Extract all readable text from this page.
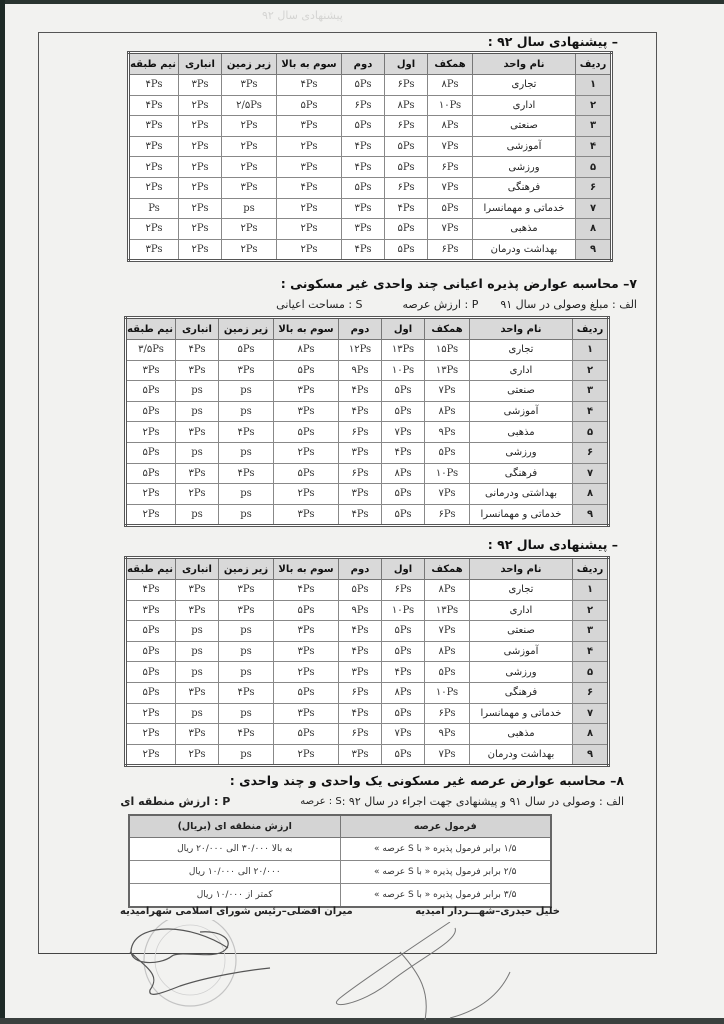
پیشنهادی سال ۹۲
– پیشنهادی سال ۹۲ :
ردیف	نام واحد	همکف	اول	دوم	سوم به بالا	زیر زمین	انباری	نیم طبقه
۱	تجاری	۸Ps	۶Ps	۵Ps	۴Ps	۳Ps	۳Ps	۴Ps
۲	اداری	۱۰Ps	۸Ps	۶Ps	۵Ps	۲/۵Ps	۲Ps	۴Ps
۳	صنعتی	۸Ps	۶Ps	۵Ps	۳Ps	۲Ps	۲Ps	۳Ps
۴	آموزشی	۷Ps	۵Ps	۴Ps	۲Ps	۲Ps	۲Ps	۳Ps
۵	ورزشی	۶Ps	۵Ps	۴Ps	۳Ps	۲Ps	۲Ps	۲Ps
۶	فرهنگی	۷Ps	۶Ps	۵Ps	۴Ps	۳Ps	۲Ps	۲Ps
۷	خدماتی و مهمانسرا	۵Ps	۴Ps	۳Ps	۲Ps	ps	۲Ps	Ps
۸	مذهبی	۷Ps	۵Ps	۳Ps	۲Ps	۲Ps	۲Ps	۲Ps
۹	بهداشت ودرمان	۶Ps	۵Ps	۴Ps	۲Ps	۲Ps	۲Ps	۳Ps
۷– محاسبه عوارض پذیره اعیانی چند واحدی غیر مسکونی :
الف : مبلغ وصولی در سال ۹۱
P : ارزش عرصه
S : مساحت اعیانی
ردیف	نام واحد	همکف	اول	دوم	سوم به بالا	زیر زمین	انباری	نیم طبقه
۱	تجاری	۱۵Ps	۱۳Ps	۱۲Ps	۸Ps	۵Ps	۴Ps	۳/۵Ps
۲	اداری	۱۳Ps	۱۰Ps	۹Ps	۵Ps	۳Ps	۳Ps	۳Ps
۳	صنعتی	۷Ps	۵Ps	۴Ps	۳Ps	ps	ps	۵Ps
۴	آموزشی	۸Ps	۵Ps	۴Ps	۳Ps	ps	ps	۵Ps
۵	مذهبی	۹Ps	۷Ps	۶Ps	۵Ps	۴Ps	۳Ps	۲Ps
۶	ورزشی	۵Ps	۴Ps	۳Ps	۲Ps	ps	ps	۵Ps
۷	فرهنگی	۱۰Ps	۸Ps	۶Ps	۵Ps	۴Ps	۳Ps	۵Ps
۸	بهداشتی ودرمانی	۷Ps	۵Ps	۳Ps	۲Ps	ps	۲Ps	۲Ps
۹	خدماتی و مهمانسرا	۶Ps	۵Ps	۴Ps	۳Ps	ps	ps	۲Ps
– پیشنهادی سال ۹۲ :
ردیف	نام واحد	همکف	اول	دوم	سوم به بالا	زیر زمین	انباری	نیم طبقه
۱	تجاری	۸Ps	۶Ps	۵Ps	۴Ps	۳Ps	۳Ps	۴Ps
۲	اداری	۱۳Ps	۱۰Ps	۹Ps	۵Ps	۳Ps	۳Ps	۳Ps
۳	صنعتی	۷Ps	۵Ps	۴Ps	۳Ps	ps	ps	۵Ps
۴	آموزشی	۸Ps	۵Ps	۴Ps	۳Ps	ps	ps	۵Ps
۵	ورزشی	۵Ps	۴Ps	۳Ps	۲Ps	ps	ps	۵Ps
۶	فرهنگی	۱۰Ps	۸Ps	۶Ps	۵Ps	۴Ps	۳Ps	۵Ps
۷	خدماتی و مهمانسرا	۶Ps	۵Ps	۴Ps	۳Ps	ps	ps	۲Ps
۸	مذهبی	۹Ps	۷Ps	۶Ps	۵Ps	۴Ps	۳Ps	۲Ps
۹	بهداشت ودرمان	۷Ps	۵Ps	۳Ps	۲Ps	ps	۲Ps	۲Ps
۸– محاسبه عوارض عرصه غیر مسکونی یک واحدی و چند واحدی :
الف : وصولی در سال ۹۱ و پیشنهادی جهت اجراء در سال ۹۲ :
S : عرصه
P : ارزش منطقه ای
فرمول عرصه	ارزش منطقه ای (بریال)
۱/۵ برابر فرمول پذیره « با S عرصه »	به بالا ۳۰/۰۰۰ الی ۲۰/۰۰۰ ریال
۲/۵ برابر فرمول پذیره « با S عرصه »	۲۰/۰۰۰ الی ۱۰/۰۰۰ ریال
۳/۵ برابر فرمول پذیره « با S عرصه »	کمتر از ۱۰/۰۰۰ ریال
خلیل حیدری–شهـــردار امیدیه
میران افضلی–رئیس شورای اسلامی شهرامیدیه
